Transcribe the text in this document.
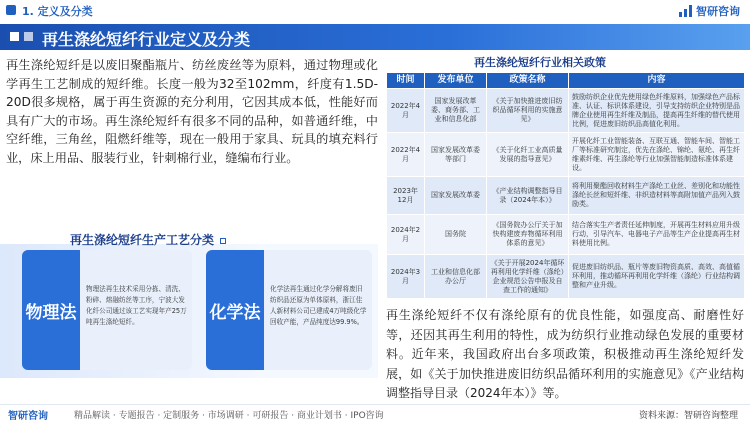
1. 定义及分类	智研咨询
再生涤纶短纤行业定义及分类
再生涤纶短纤是以废旧聚酯瓶片、纺丝废丝等为原料，通过物理或化学再生工艺制成的短纤维。长度一般为32至102mm，纤度有1.5D-20D很多规格，属于再生资源的充分利用，它因其成本低，性能好而具有广大的市场。再生涤纶短纤有很多不同的品种，如普通纤维，中空纤维，三角丝，阻燃纤维等，现在一般用于家具、玩具的填充料行业，床上用品、服装行业，针刺棉行业，缝编布行业。
再生涤纶短纤生产工艺分类
物理法
物理法再生技术采用分拣、清洗、粉碎、熔融纺丝等工序，宁波大发化纤公司通过该工艺实现年产25万吨再生涤纶短纤。	化学法
化学法再生通过化学分解将废旧纺织品还原为单体原料，浙江佳人新材料公司已建成4万吨级化学回收产能，产品纯度达99.9%。
再生涤纶短纤行业相关政策
时间	发布单位	政策名称	内容
2022年4月	国家发展改革委、商务部、工业和信息化部	《关于加快推进废旧纺织品循环利用的实施意见》	鼓励纺织企业优先使用绿色纤维原料，加强绿色产品标准、认证、标识体系建设，引导支持纺织企业特别是品牌企业使用再生纤维及制品，提高再生纤维的替代使用比例，促进废旧纺织品高值化利用。
2022年4月	国家发展改革委等部门	《关于化纤工业高质量发展的指导意见》	开展化纤工业智能装备、互联互通、智能车间、智能工厂等标准研究制定，优先在涤纶、锦纶、氨纶、再生纤维素纤维、再生涤纶等行业加强智能制造标准体系建设。
2023年12月	国家发展改革委	《产业结构调整指导目录（2024年本）》	将利用聚酯回收材料生产涤纶工业丝、差别化和功能性涤纶长丝和短纤维、非织造材料等高附加值产品列入鼓励类。
2024年2月	国务院	《国务院办公厅关于加快构建废弃物循环利用体系的意见》	结合落实生产者责任延伸制度，开展再生材料应用升级行动，引导汽车、电器电子产品等生产企业提高再生材料使用比例。
2024年3月	工业和信息化部办公厅	《关于开展2024年循环再利用化学纤维（涤纶）企业规范公告申报及自查工作的通知》	促进废旧纺织品、瓶片等废旧物资高质、高效、高值循环利用，推动循环再利用化学纤维（涤纶）行业结构调整和产业升级。
再生涤纶短纤不仅有涤纶原有的优良性能，如强度高、耐磨性好等，还因其再生利用的特性，成为纺织行业推动绿色发展的重要材料。近年来，我国政府出台多项政策，积极推动再生涤纶短纤发展，如《关于加快推进废旧纺织品循环利用的实施意见》《产业结构调整指导目录（2024年本）》等。
智研咨询	精品解读 · 专题报告 · 定制服务 · 市场调研 · 可研报告 · 商业计划书 · IPO咨询	资料来源：智研咨询整理
